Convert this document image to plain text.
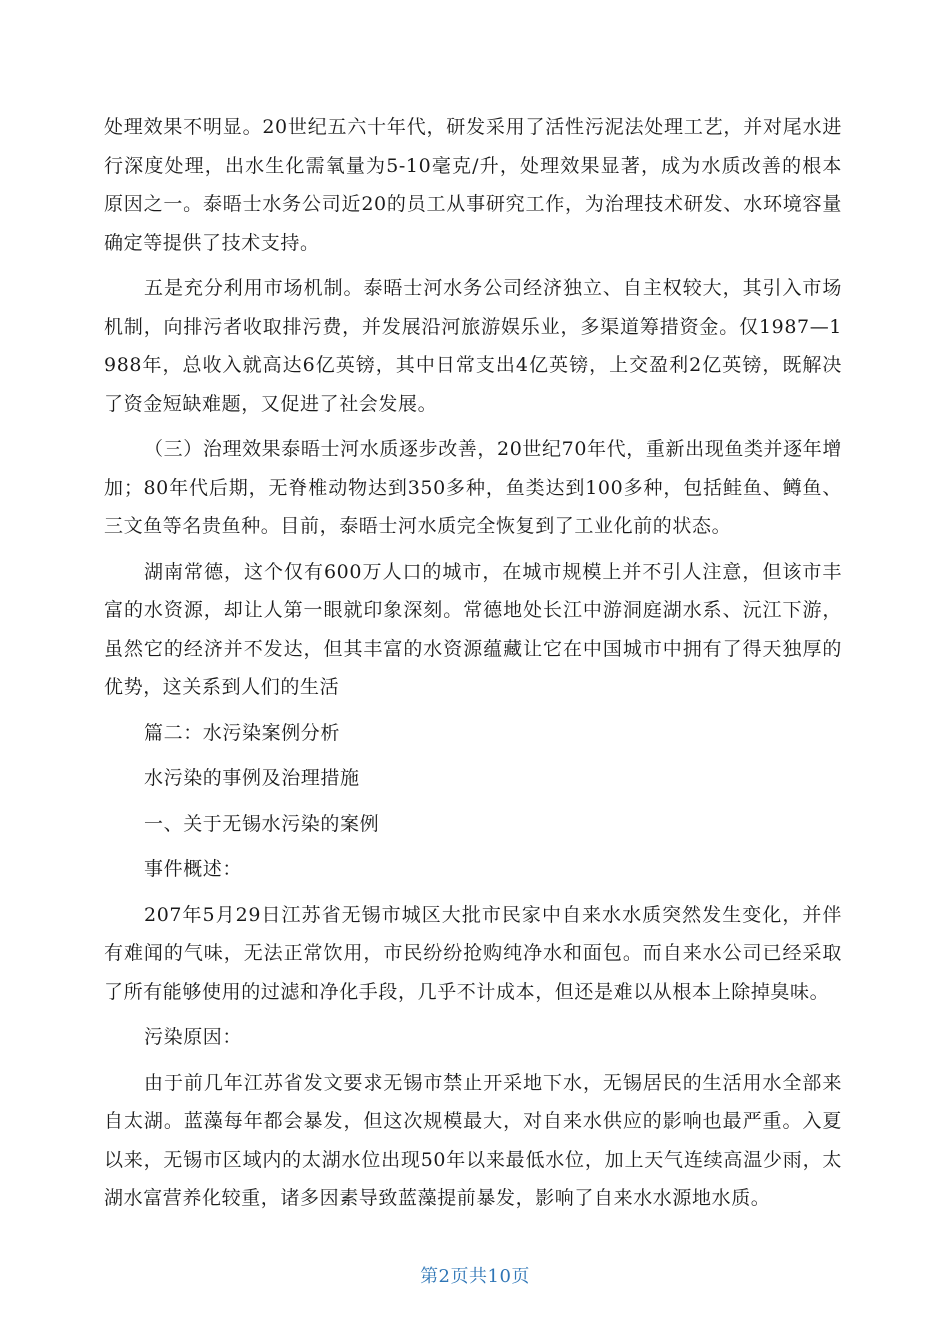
处理效果不明显。20世纪五六十年代，研发采用了活性污泥法处理工艺，并对尾水进行深度处理，出水生化需氧量为5-10毫克/升，处理效果显著，成为水质改善的根本原因之一。泰晤士水务公司近20的员工从事研究工作，为治理技术研发、水环境容量确定等提供了技术支持。

五是充分利用市场机制。泰晤士河水务公司经济独立、自主权较大，其引入市场机制，向排污者收取排污费，并发展沿河旅游娱乐业，多渠道筹措资金。仅1987—1988年，总收入就高达6亿英镑，其中日常支出4亿英镑，上交盈利2亿英镑，既解决了资金短缺难题，又促进了社会发展。

（三）治理效果泰晤士河水质逐步改善，20世纪70年代，重新出现鱼类并逐年增加；80年代后期，无脊椎动物达到350多种，鱼类达到100多种，包括鲑鱼、鳟鱼、三文鱼等名贵鱼种。目前，泰晤士河水质完全恢复到了工业化前的状态。

湖南常德，这个仅有600万人口的城市，在城市规模上并不引人注意，但该市丰富的水资源，却让人第一眼就印象深刻。常德地处长江中游洞庭湖水系、沅江下游，虽然它的经济并不发达，但其丰富的水资源蕴藏让它在中国城市中拥有了得天独厚的优势，这关系到人们的生活

篇二：水污染案例分析

水污染的事例及治理措施

一、关于无锡水污染的案例

事件概述：

207年5月29日江苏省无锡市城区大批市民家中自来水水质突然发生变化，并伴有难闻的气味，无法正常饮用，市民纷纷抢购纯净水和面包。而自来水公司已经采取了所有能够使用的过滤和净化手段，几乎不计成本，但还是难以从根本上除掉臭味。

污染原因：

由于前几年江苏省发文要求无锡市禁止开采地下水，无锡居民的生活用水全部来自太湖。蓝藻每年都会暴发，但这次规模最大，对自来水供应的影响也最严重。入夏以来，无锡市区域内的太湖水位出现50年以来最低水位，加上天气连续高温少雨，太湖水富营养化较重，诸多因素导致蓝藻提前暴发，影响了自来水水源地水质。

第2页共10页
